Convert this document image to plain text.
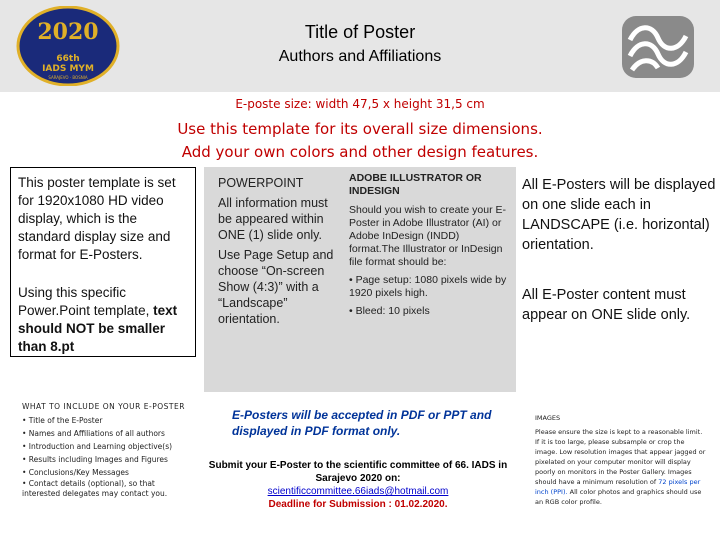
2020
66th
IADS MYM
SARAJEVO · BOSNIA
Title of Poster
Authors and Affiliations
E-poste size: width 47,5 x height 31,5 cm
Use this template for its overall size dimensions.
Add your own colors and other design features.

This poster template is set for 1920x1080 HD video display, which is the standard display size and format for E-Posters.

Using this specific Power.Point template, text should NOT be smaller than 8.pt

POWERPOINT

All information must be appeared within ONE (1) slide only.

Use Page Setup and choose “On-screen Show (4:3)” with a “Landscape” orientation.

ADOBE ILLUSTRATOR OR INDESIGN

Should you wish to create your E-Poster in Adobe Illustrator (AI) or Adobe InDesign (INDD) format.The Illustrator or InDesign file format should be:

• Page setup: 1080 pixels wide by 1920 pixels high.

• Bleed: 10 pixels

All E-Posters will be displayed on one slide each in LANDSCAPE (i.e. horizontal) orientation.

All E-Poster content must appear on ONE slide only.

WHAT TO INCLUDE ON YOUR E-POSTER
• Title of the E-Poster
• Names and Affiliations of all authors
• Introduction and Learning objective(s)
• Results including Images and Figures
• Conclusions/Key Messages
• Contact details (optional), so that interested delegates may contact you.
E-Posters will be accepted in PDF or PPT and displayed in PDF format only.
Submit your E-Poster to the scientific committee of 66. IADS in Sarajevo 2020 on:
scientificcommittee.66iads@hotmail.com
Deadline for Submission : 01.02.2020.
IMAGES

Please ensure the size is kept to a reasonable limit. If it is too large, please subsample or crop the image. Low resolution images that appear jagged or pixelated on your computer monitor will display poorly on monitors in the Poster Gallery. Images should have a minimum resolution of 72 pixels per inch (PPI). All color photos and graphics should use an RGB color profile.
